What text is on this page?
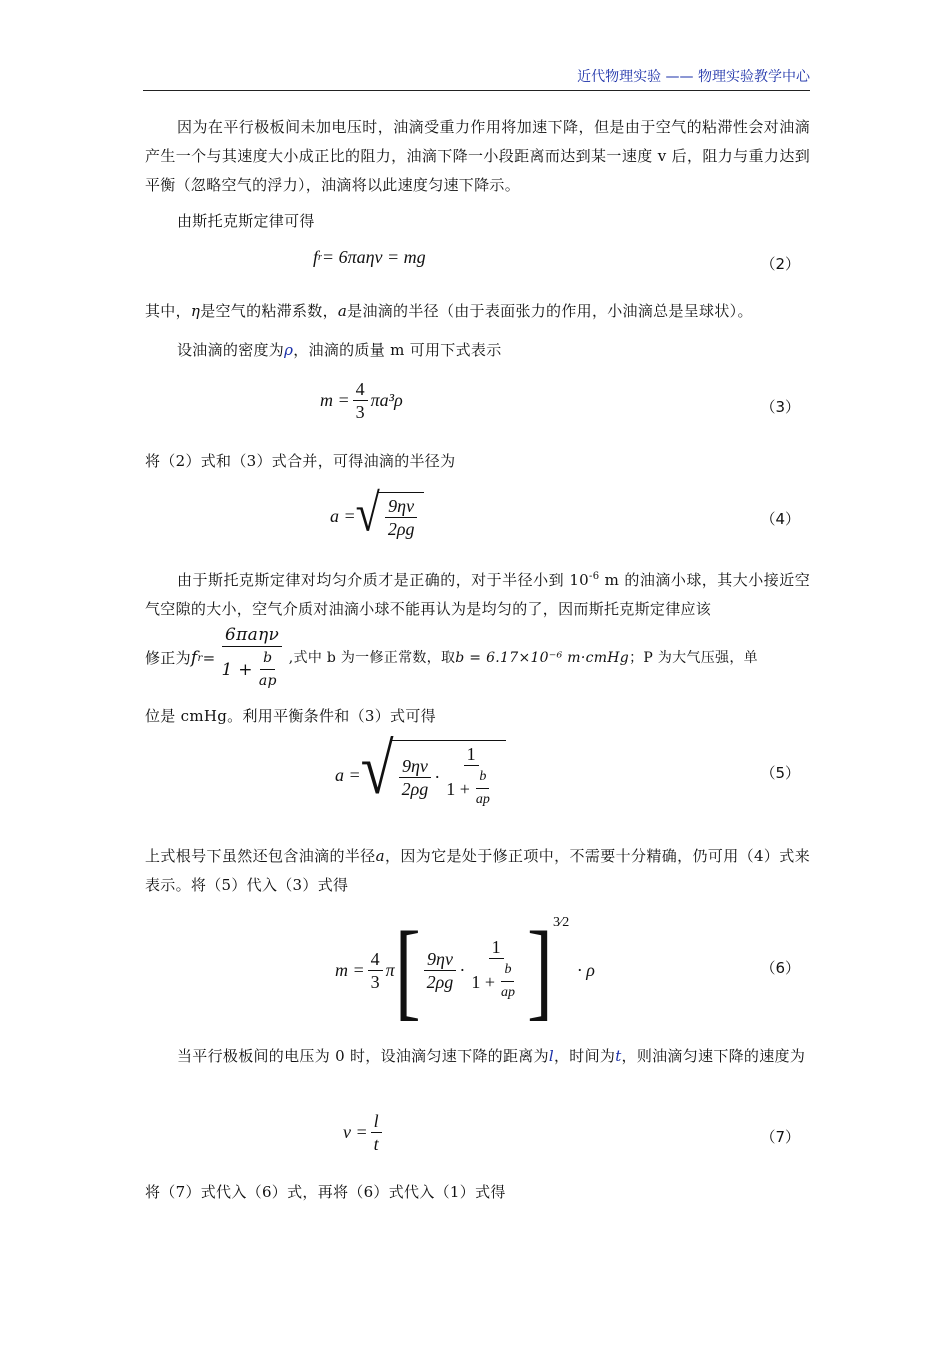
近代物理实验 —— 物理实验教学中心
因为在平行极板间未加电压时，油滴受重力作用将加速下降，但是由于空气的粘滞性会对油滴产生一个与其速度大小成正比的阻力，油滴下降一小段距离而达到某一速度 v 后，阻力与重力达到平衡（忽略空气的浮力），油滴将以此速度匀速下降示。
由斯托克斯定律可得
f r = 6πaην = mg	（2）
其中，η是空气的粘滞系数，a是油滴的半径（由于表面张力的作用，小油滴总是呈球状）。
设油滴的密度为ρ，油滴的质量 m 可用下式表示
$m = \frac{4}{3} \pi a^3\rho$	（3）
将（2）式和（3）式合并，可得油滴的半径为
a = √ $\frac{9\eta\nu}{2\rho g}$	（4）
由于斯托克斯定律对均匀介质才是正确的，对于半径小到 $10^{-6}$ m 的油滴小球，其大小接近空气空隙的大小，空气介质对油滴小球不能再认为是均匀的了，因而斯托克斯定律应该
修正为 f $r = \frac{\text{6πaην}}{1 + \frac{b}{ap}}$ ,式中 b 为一修正常数，取 b = 6.17×10⁻⁶ m·cmHg ；P 为大气压强，单
位是 cmHg。利用平衡条件和（3）式可得
a = √ $\frac{9\eta\nu}{2\rho g} \cdot \frac{1}{1 + \frac{b}{ap}}$	（5）
上式根号下虽然还包含油滴的半径a，因为它是处于修正项中，不需要十分精确，仍可用（4）式来表示。将（5）代入（3）式得
$m = \frac{4}{3}$ π [ $\frac{9\eta\nu}{2\rho g} \cdot \frac{1}{1 + \frac{b}{ap}}$ ] 3⁄2
· ρ	（6）
当平行极板间的电压为 0 时，设油滴匀速下降的距离为l，时间为t，则油滴匀速下降的速度为
$\nu = \frac{l}{t}$	（7）
将（7）式代入（6）式，再将（6）式代入（1）式得
